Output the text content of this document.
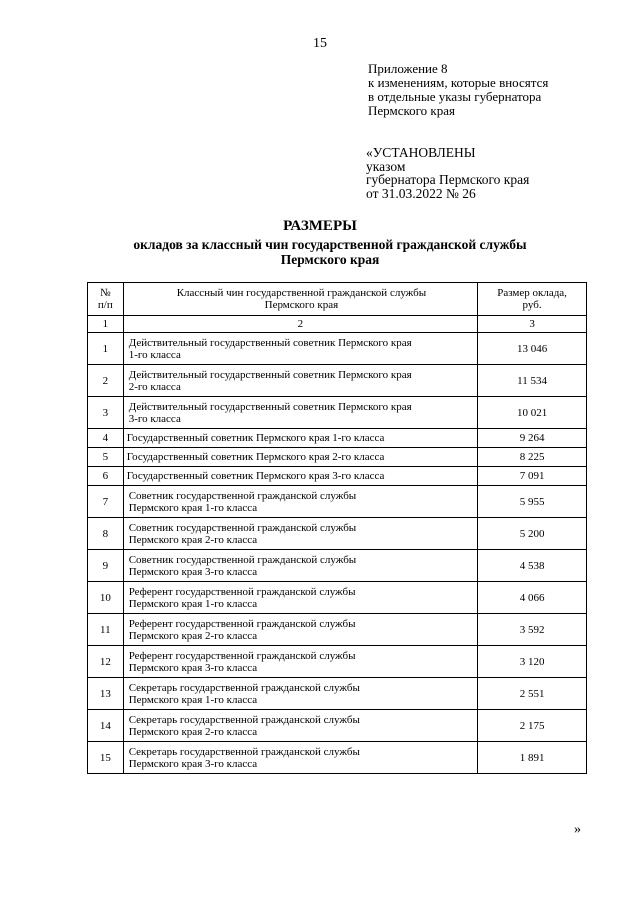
15
Приложение 8
к изменениям, которые вносятся
в отдельные указы губернатора
Пермского края
«УСТАНОВЛЕНЫ
указом
губернатора Пермского края
от 31.03.2022 № 26
РАЗМЕРЫ
окладов за классный чин государственной гражданской службы
Пермского края
№
п/п	Классный чин государственной гражданской службы
Пермского края	Размер оклада,
руб.

1	2	3
1	Действительный государственный советник Пермского края
1-го класса	13 046
2	Действительный государственный советник Пермского края
2-го класса	11 534
3	Действительный государственный советник Пермского края
3-го класса	10 021
4	Государственный советник Пермского края 1-го класса	9 264
5	Государственный советник Пермского края 2-го класса	8 225
6	Государственный советник Пермского края 3-го класса	7 091
7	Советник государственной гражданской службы
Пермского края 1-го класса	5 955
8	Советник государственной гражданской службы
Пермского края 2-го класса	5 200
9	Советник государственной гражданской службы
Пермского края 3-го класса	4 538
10	Референт государственной гражданской службы
Пермского края 1-го класса	4 066
11	Референт государственной гражданской службы
Пермского края 2-го класса	3 592
12	Референт государственной гражданской службы
Пермского края 3-го класса	3 120
13	Секретарь государственной гражданской службы
Пермского края 1-го класса	2 551
14	Секретарь государственной гражданской службы
Пермского края 2-го класса	2 175
15	Секретарь государственной гражданской службы
Пермского края 3-го класса	1 891
»
